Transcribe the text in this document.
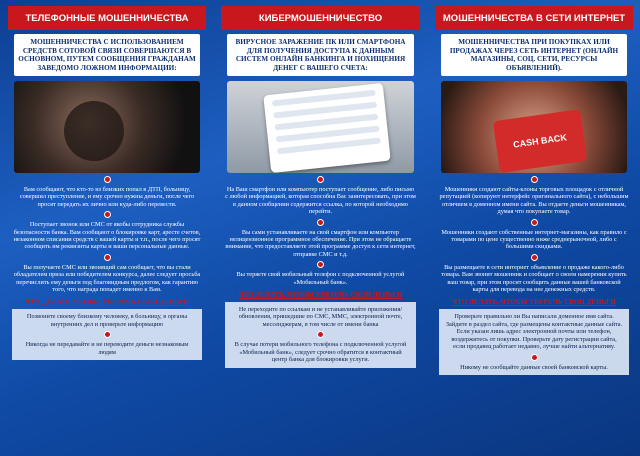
ТЕЛЕФОННЫЕ МОШЕННИЧЕСТВА
МОШЕННИЧЕСТВА С ИСПОЛЬЗОВАНИЕМ СРЕДСТВ СОТОВОЙ СВЯЗИ СОВЕРШАЮТСЯ В ОСНОВНОМ, ПУТЕМ СООБЩЕНИЯ ГРАЖДАНАМ ЗАВЕДОМО ЛОЖНОМ ИНФОРМАЦИИ:
Вам сообщают, что кто-то из близких попал в ДТП, больницу, совершил преступление, и ему срочно нужны деньги, после чего просят передать их лично или куда-либо перевести.
Поступает звонок или СМС от якобы сотрудника службы безопасности банка. Вам сообщают о блокировке карт, аресте счетов, незаконном списании средств с вашей карты и т.п., после чего просят сообщить им реквизиты карты и ваши персональные данные.
Вы получаете СМС или звонящий сам сообщает, что вы стали обладателем приза или победителем конкурса, далее следует просьба перечислить ему деньги под благовидным предлогом, как гарантию того, что награда попадет именно к Вам.
ЧТО ДЕЛАТЬ, ЧТОБЫ УБЕРЕЧЬ СВОИ ДЕНЬГИ
Позвоните своему близкому человеку, в больницу, в органы внутренних дел и проверьте информацию
Никогда не передавайте и не переводите деньги незнакомым людям
КИБЕРМОШЕННИЧЕСТВО
ВИРУСНОЕ ЗАРАЖЕНИЕ ПК ИЛИ СМАРТФОНА ДЛЯ ПОЛУЧЕНИЯ ДОСТУПА К ДАННЫМ СИСТЕМ ОНЛАЙН БАНКИНГА И ПОХИЩЕНИЯ ДЕНЕГ С ВАШЕГО СЧЕТА:
На Ваш смартфон или компьютер поступает сообщение, либо письмо с любой информацией, которая способна Вас заинтересовать, при этом в данном сообщении содержится ссылка, по которой необходимо перейти.
Вы сами устанавливаете на свой смартфон или компьютер нелицензионное программное обеспечение. При этом не обращаете внимание, что предоставляете этой программе доступ к сети интернет, отправке СМС и т.д.
Вы теряете свой мобильный телефон с подключенной услугой «Мобильный банк».
ЧТО ДЕЛАТЬ, ЧТОБЫ УБЕРЕЧЬ СВОИ ДЕНЬГИ
Не переходите по ссылкам и не устанавливайте приложения/обновления, пришедшие по СМС, ММС, электронной почте, мессенджерам, в том числе от имени банка
В случае потери мобильного телефона с подключенной услугой «Мобильный банк», следует срочно обратится в контактный центр банка для блокировки услуги.
МОШЕННИЧЕСТВА В СЕТИ ИНТЕРНЕТ
МОШЕННИЧЕСТВА ПРИ ПОКУПКАХ ИЛИ ПРОДАЖАХ ЧЕРЕЗ СЕТЬ ИНТЕРНЕТ (ОНЛАЙН МАГАЗИНЫ, СОЦ. СЕТИ, РЕСУРСЫ ОБЪЯВЛЕНИЙ).
CASH BACK
Мошенники создают сайты-клоны торговых площадок с отличной репутацией (копируют интерфейс оригинального сайта), с небольшим отличием в доменном имени сайта. Вы отдаете деньги мошенникам, думая что покупаете товар.
Мошенники создают собственные интернет-магазины, как правило с товарами по цене существенно ниже среднерыночной, либо с большими скидками.
Вы размещаете в сети интернет объявление о продаже какого-либо товара. Вам звонит мошенник и сообщает о своем намерении купить ваш товар, при этом просит сообщить данные вашей банковской карты для перевода на нее денежных средств.
ЧТО ДЕЛАТЬ, ЧТОБЫ УБЕРЕЧЬ СВОИ ДЕНЬГИ
Проверьте правильно ли Вы написали доменное имя сайта. Зайдите в раздел сайта, где размещены контактные данные сайта. Если указан лишь адрес электронной почты или телефон, воздержитесь от покупки. Проверьте дату регистрации сайта, если продавец работает недавно, лучше найти альтернативу.
Никому не сообщайте данные своей банковской карты.
